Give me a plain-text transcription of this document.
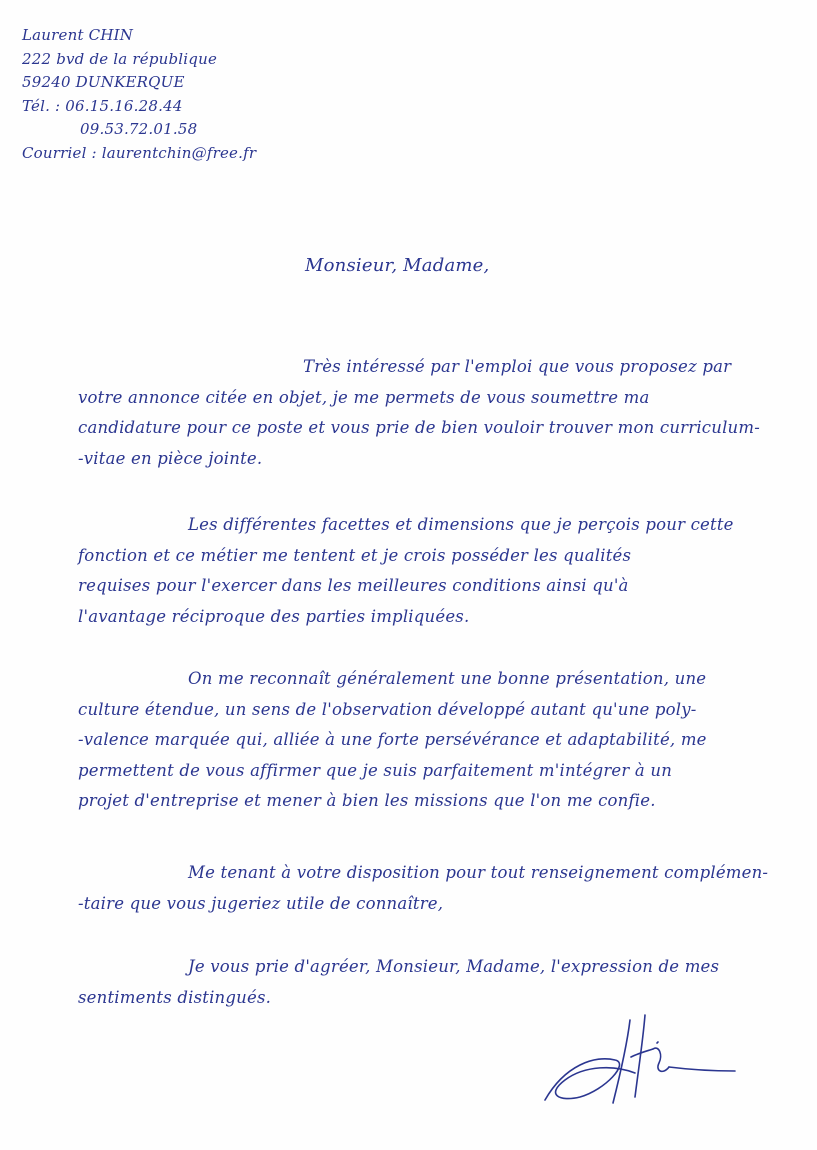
Laurent CHIN
222 bvd de la république
59240 DUNKERQUE
Tél. : 06.15.16.28.44
09.53.72.01.58
Courriel : laurentchin@free.fr
Monsieur, Madame,
Très intéressé par l'emploi que vous proposez par
votre annonce citée en objet, je me permets de vous soumettre ma
candidature pour ce poste et vous prie de bien vouloir trouver mon curriculum-
-vitae en pièce jointe.
Les différentes facettes et dimensions que je perçois pour cette
fonction et ce métier me tentent et je crois posséder les qualités
requises pour l'exercer dans les meilleures conditions ainsi qu'à
l'avantage réciproque des parties impliquées.
On me reconnaît généralement une bonne présentation, une
culture étendue, un sens de l'observation développé autant qu'une poly-
-valence marquée qui, alliée à une forte persévérance et adaptabilité, me
permettent de vous affirmer que je suis parfaitement m'intégrer à un
projet d'entreprise et mener à bien les missions que l'on me confie.
Me tenant à votre disposition pour tout renseignement complémen-
-taire que vous jugeriez utile de connaître,
Je vous prie d'agréer, Monsieur, Madame, l'expression de mes
sentiments distingués.
